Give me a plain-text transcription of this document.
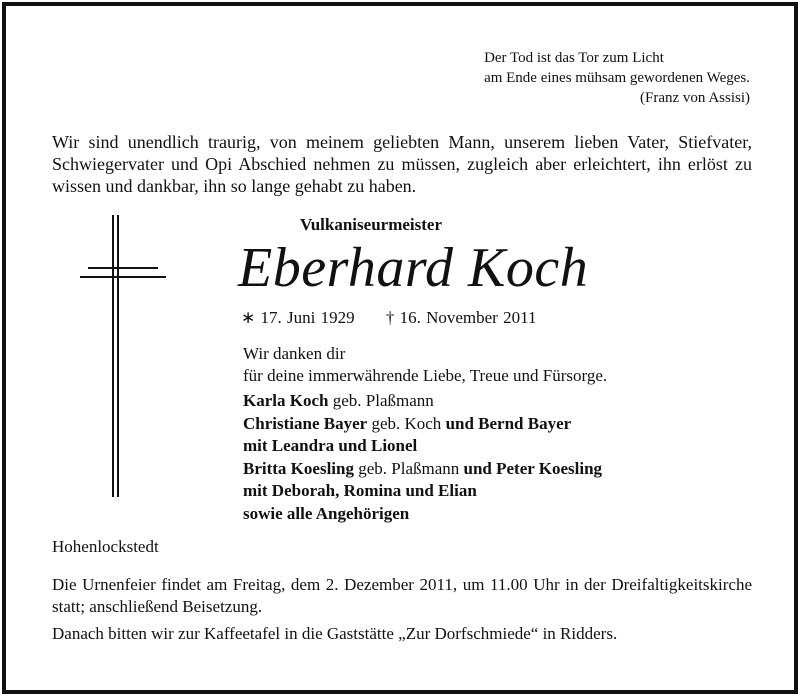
Der Tod ist das Tor zum Licht
am Ende eines mühsam gewordenen Weges.
(Franz von Assisi)
Wir sind unendlich traurig, von meinem geliebten Mann, unserem lieben Vater, Stiefvater, Schwiegervater und Opi Abschied nehmen zu müssen, zugleich aber erleichtert, ihn erlöst zu wissen und dankbar, ihn so lange gehabt zu haben.
Vulkaniseurmeister
Eberhard Koch
∗ 17. Juni 1929 † 16. November 2011
Wir danken dir
für deine immerwährende Liebe, Treue und Fürsorge.
Karla Koch geb. Plaßmann
Christiane Bayer geb. Koch und Bernd Bayer
mit Leandra und Lionel
Britta Koesling geb. Plaßmann und Peter Koesling
mit Deborah, Romina und Elian
sowie alle Angehörigen
Hohenlockstedt
Die Urnenfeier findet am Freitag, dem 2. Dezember 2011, um 11.00 Uhr in der Dreifaltigkeitskirche statt; anschließend Beisetzung.
Danach bitten wir zur Kaffeetafel in die Gaststätte „Zur Dorfschmiede“ in Ridders.
